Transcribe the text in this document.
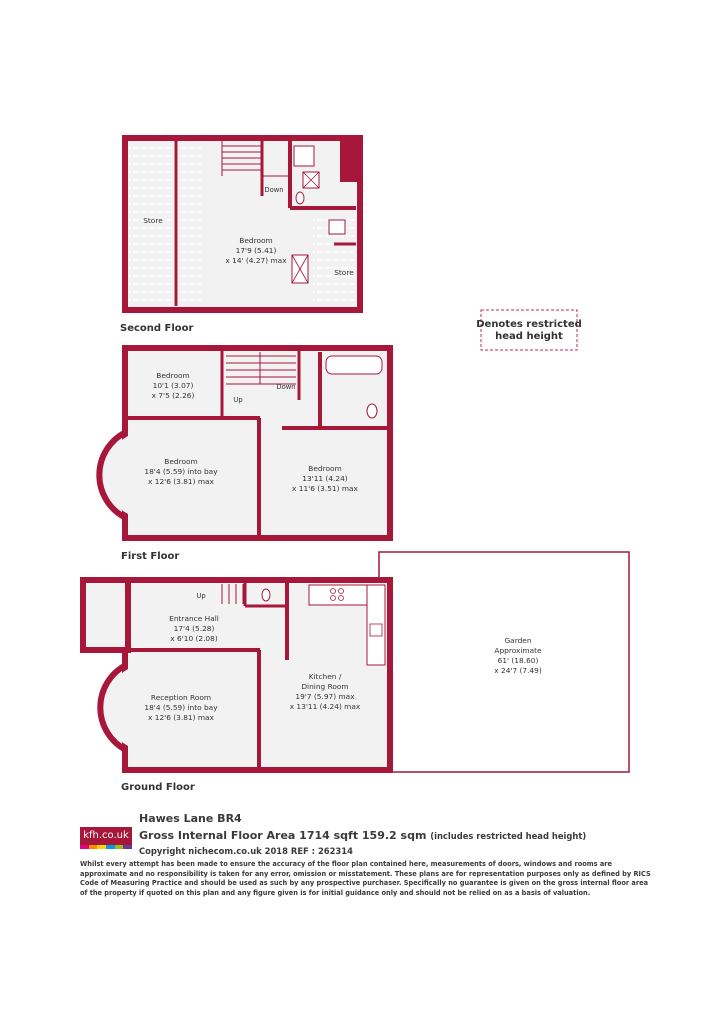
Bedroom
17'9 (5.41)
x 14' (4.27) max
Store
Store
Down
Second Floor	Denotes restricted
head height
Bedroom
10'1 (3.07)
x 7'5 (2.26)
Bedroom
18'4 (5.59) into bay
x 12'6 (3.81) max
Bedroom
13'11 (4.24)
x 11'6 (3.51) max
Up
Down
First Floor
Entrance Hall
17'4 (5.28)
x 6'10 (2.08)
Reception Room
18'4 (5.59) into bay
x 12'6 (3.81) max
Kitchen /
Dining Room
19'7 (5.97) max
x 13'11 (4.24) max
Garden
Approximate
61' (18.60)
x 24'7 (7.49)
Up
Ground Floor
Hawes Lane BR4
kfh.co.uk Gross Internal Floor Area 1714 sqft 159.2 sqm (includes restricted head height)
Copyright nichecom.co.uk 2018 REF : 262314
Whilst every attempt has been made to ensure the accuracy of the floor plan contained here, measurements of doors, windows and rooms are approximate and no responsibility is taken for any error, omission or misstatement. These plans are for representation purposes only as defined by RICS Code of Measuring Practice and should be used as such by any prospective purchaser. Specifically no guarantee is given on the gross internal floor area of the property if quoted on this plan and any figure given is for initial guidance only and should not be relied on as a basis of valuation.
